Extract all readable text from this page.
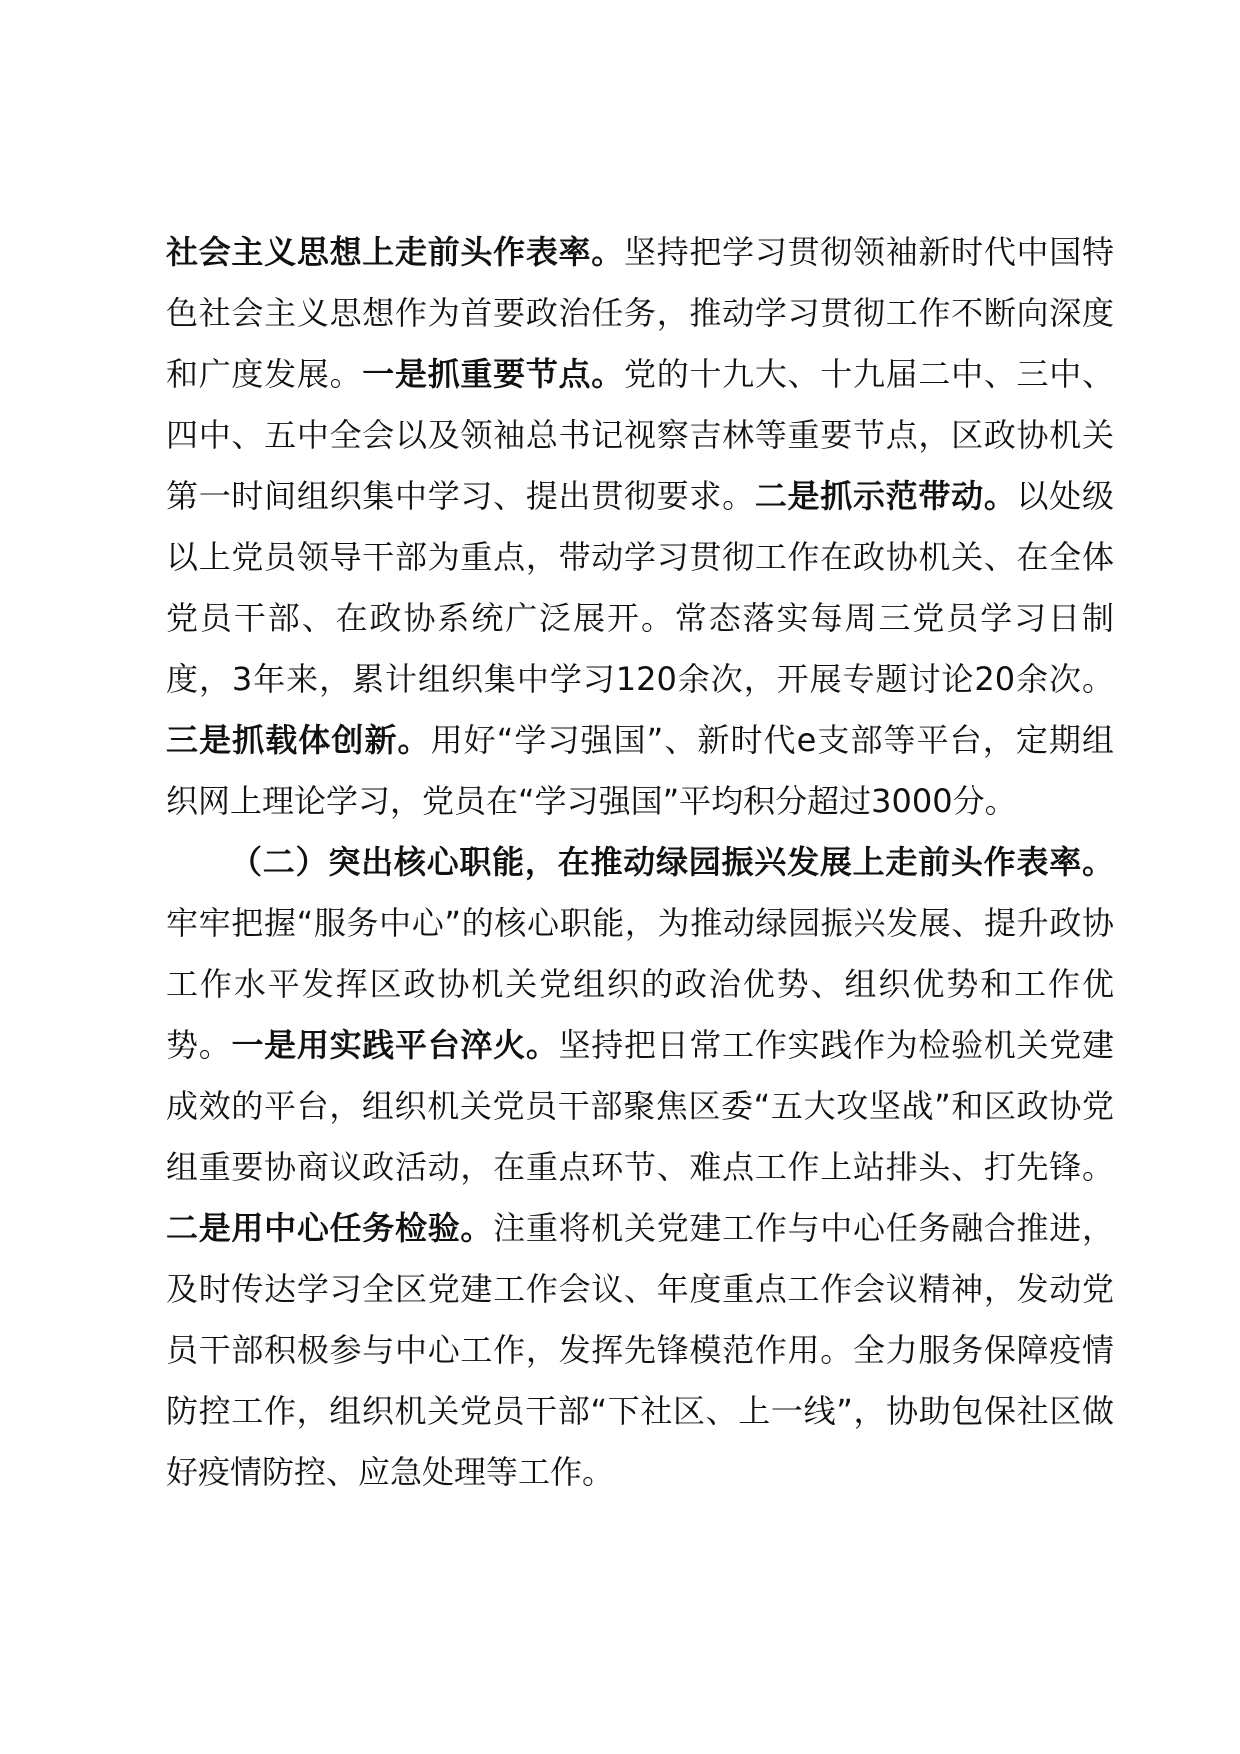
社会主义思想上走前头作表率。坚持把学习贯彻领袖新时代中国特色社会主义思想作为首要政治任务，推动学习贯彻工作不断向深度和广度发展。一是抓重要节点。党的十九大、十九届二中、三中、四中、五中全会以及领袖总书记视察吉林等重要节点，区政协机关第一时间组织集中学习、提出贯彻要求。二是抓示范带动。以处级以上党员领导干部为重点，带动学习贯彻工作在政协机关、在全体党员干部、在政协系统广泛展开。常态落实每周三党员学习日制度，3年来，累计组织集中学习120余次，开展专题讨论20余次。三是抓载体创新。用好“学习强国”、新时代e支部等平台，定期组织网上理论学习，党员在“学习强国”平均积分超过3000分。

（二）突出核心职能，在推动绿园振兴发展上走前头作表率。牢牢把握“服务中心”的核心职能，为推动绿园振兴发展、提升政协工作水平发挥区政协机关党组织的政治优势、组织优势和工作优势。一是用实践平台淬火。坚持把日常工作实践作为检验机关党建成效的平台，组织机关党员干部聚焦区委“五大攻坚战”和区政协党组重要协商议政活动，在重点环节、难点工作上站排头、打先锋。二是用中心任务检验。注重将机关党建工作与中心任务融合推进，及时传达学习全区党建工作会议、年度重点工作会议精神，发动党员干部积极参与中心工作，发挥先锋模范作用。全力服务保障疫情防控工作，组织机关党员干部“下社区、上一线”，协助包保社区做好疫情防控、应急处理等工作。
